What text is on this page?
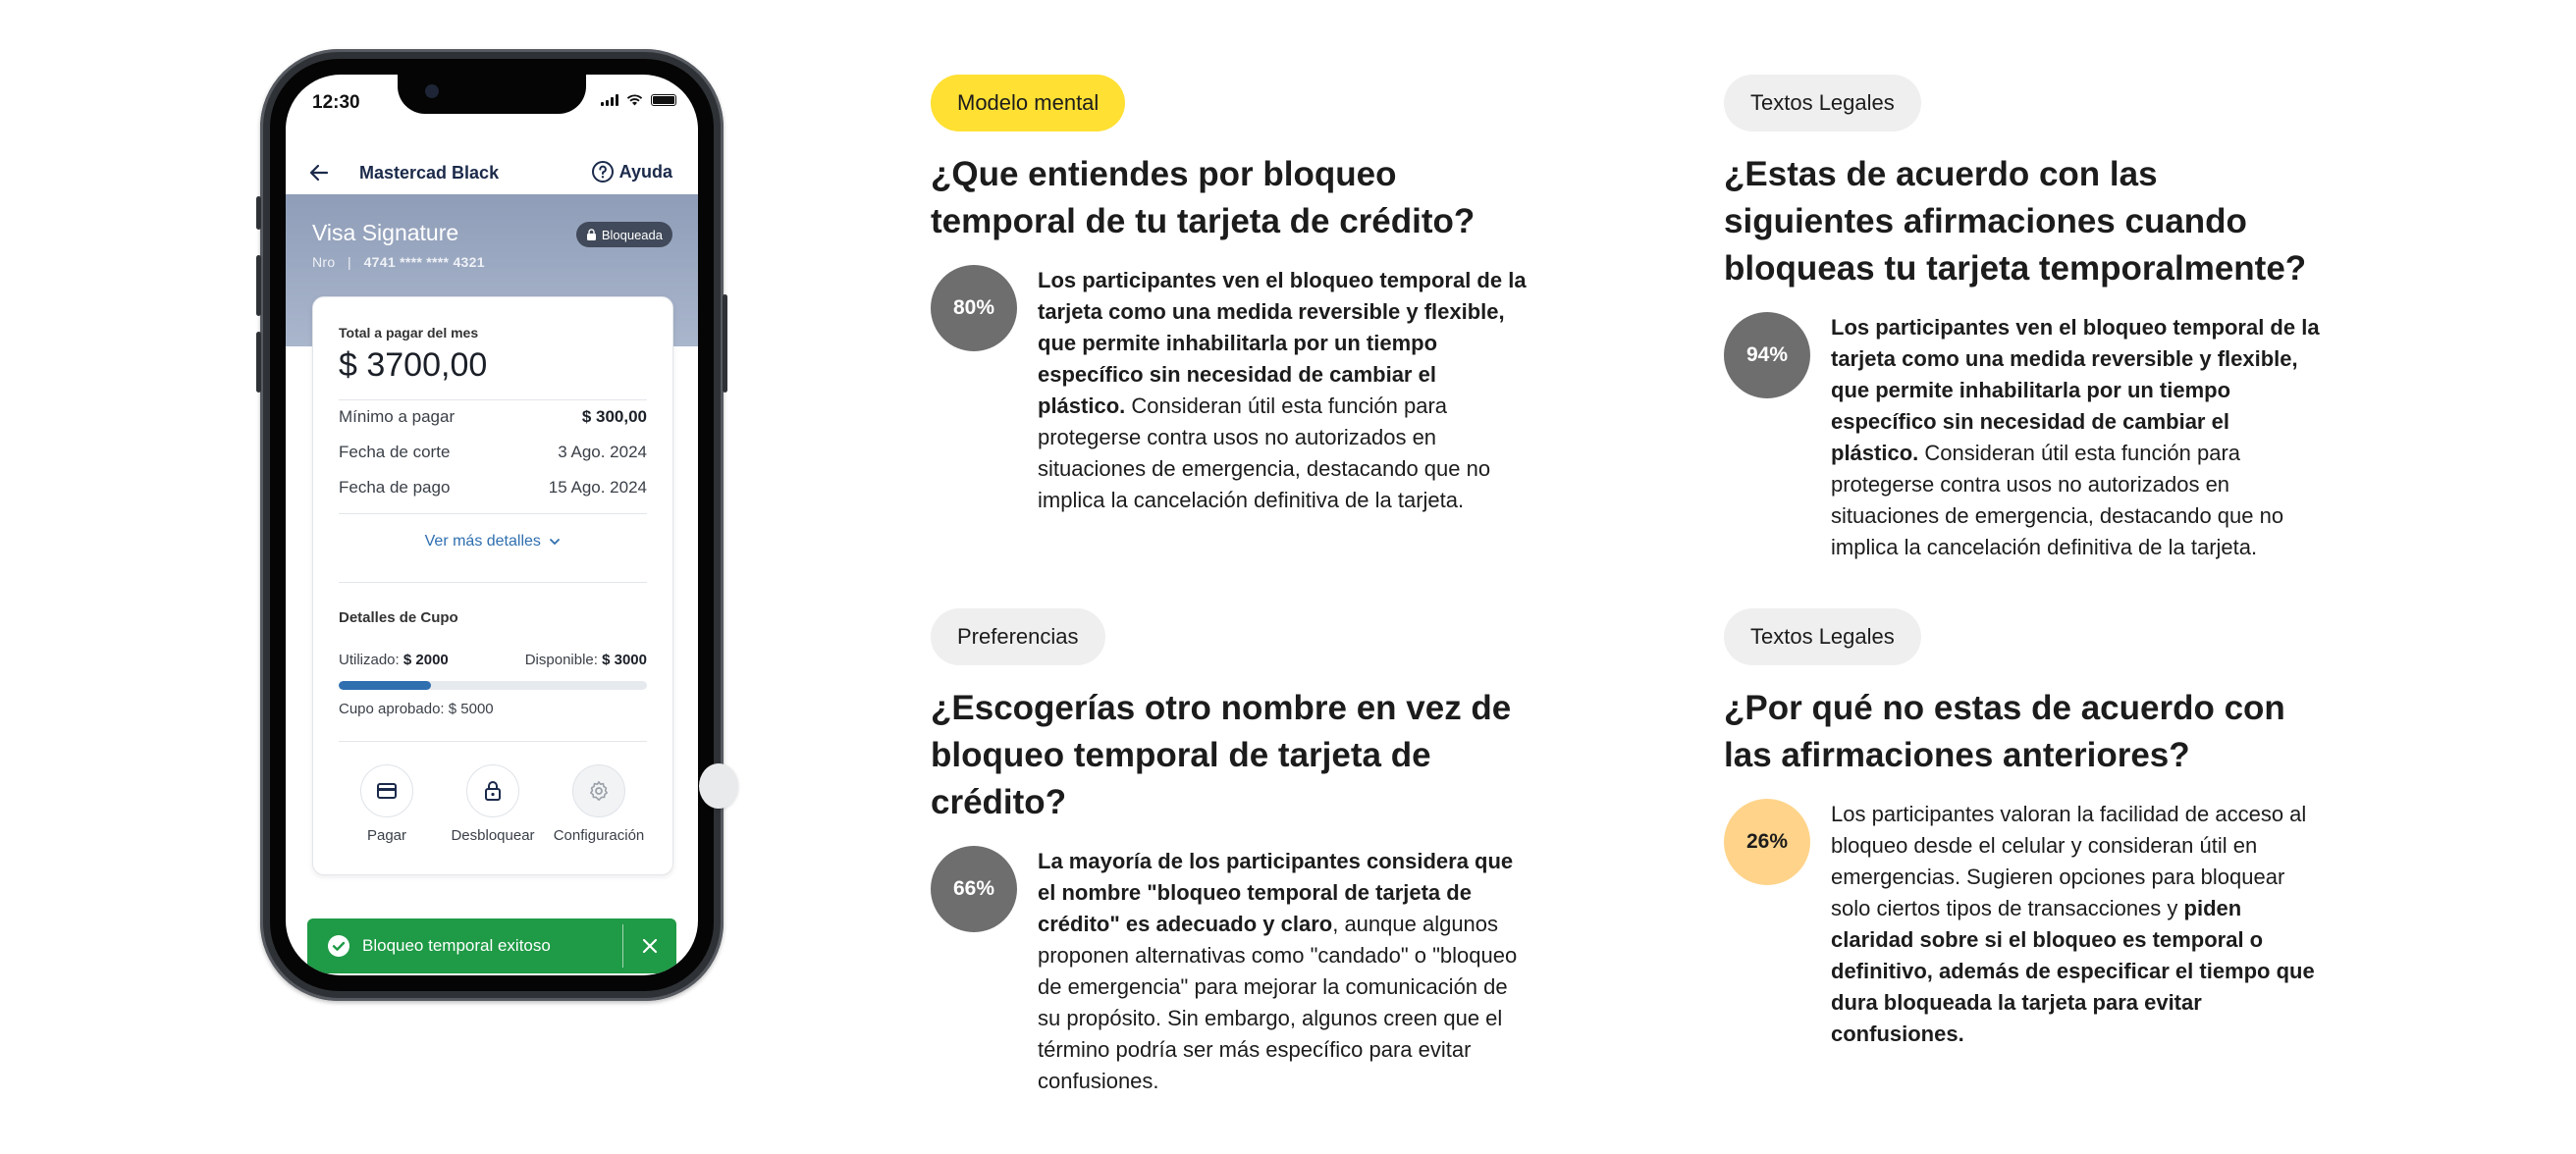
12:30
Mastercad Black	Ayuda
Visa Signature
Nro | 4741 **** **** 4321
Bloqueada
Total a pagar del mes
$ 3700,00
Mínimo a pagar	$ 300,00
Fecha de corte	3 Ago. 2024
Fecha de pago	15 Ago. 2024
Ver más detalles
Detalles de Cupo
Utilizado: $ 2000	Disponible: $ 3000
Cupo aprobado: $ 5000
Pagar	Desbloquear Configuración
Bloqueo temporal exitoso
Modelo mental
¿Que entiendes por bloqueo temporal de tu tarjeta de crédito?
80%
Los participantes ven el bloqueo temporal de la tarjeta como una medida reversible y flexible, que permite inhabilitarla por un tiempo específico sin necesidad de cambiar el plástico. Consideran útil esta función para protegerse contra usos no autorizados en situaciones de emergencia, destacando que no implica la cancelación definitiva de la tarjeta.
Textos Legales
¿Estas de acuerdo con las siguientes afirmaciones cuando bloqueas tu tarjeta temporalmente?
94%
Los participantes ven el bloqueo temporal de la tarjeta como una medida reversible y flexible, que permite inhabilitarla por un tiempo específico sin necesidad de cambiar el plástico. Consideran útil esta función para protegerse contra usos no autorizados en situaciones de emergencia, destacando que no implica la cancelación definitiva de la tarjeta.
Preferencias
¿Escogerías otro nombre en vez de bloqueo temporal de tarjeta de crédito?
66%
La mayoría de los participantes considera que el nombre "bloqueo temporal de tarjeta de crédito" es adecuado y claro, aunque algunos proponen alternativas como "candado" o "bloqueo de emergencia" para mejorar la comunicación de su propósito. Sin embargo, algunos creen que el término podría ser más específico para evitar confusiones.
Textos Legales
¿Por qué no estas de acuerdo con las afirmaciones anteriores?
26%
Los participantes valoran la facilidad de acceso al bloqueo desde el celular y consideran útil en emergencias. Sugieren opciones para bloquear solo ciertos tipos de transacciones y piden claridad sobre si el bloqueo es temporal o definitivo, además de especificar el tiempo que dura bloqueada la tarjeta para evitar confusiones.
